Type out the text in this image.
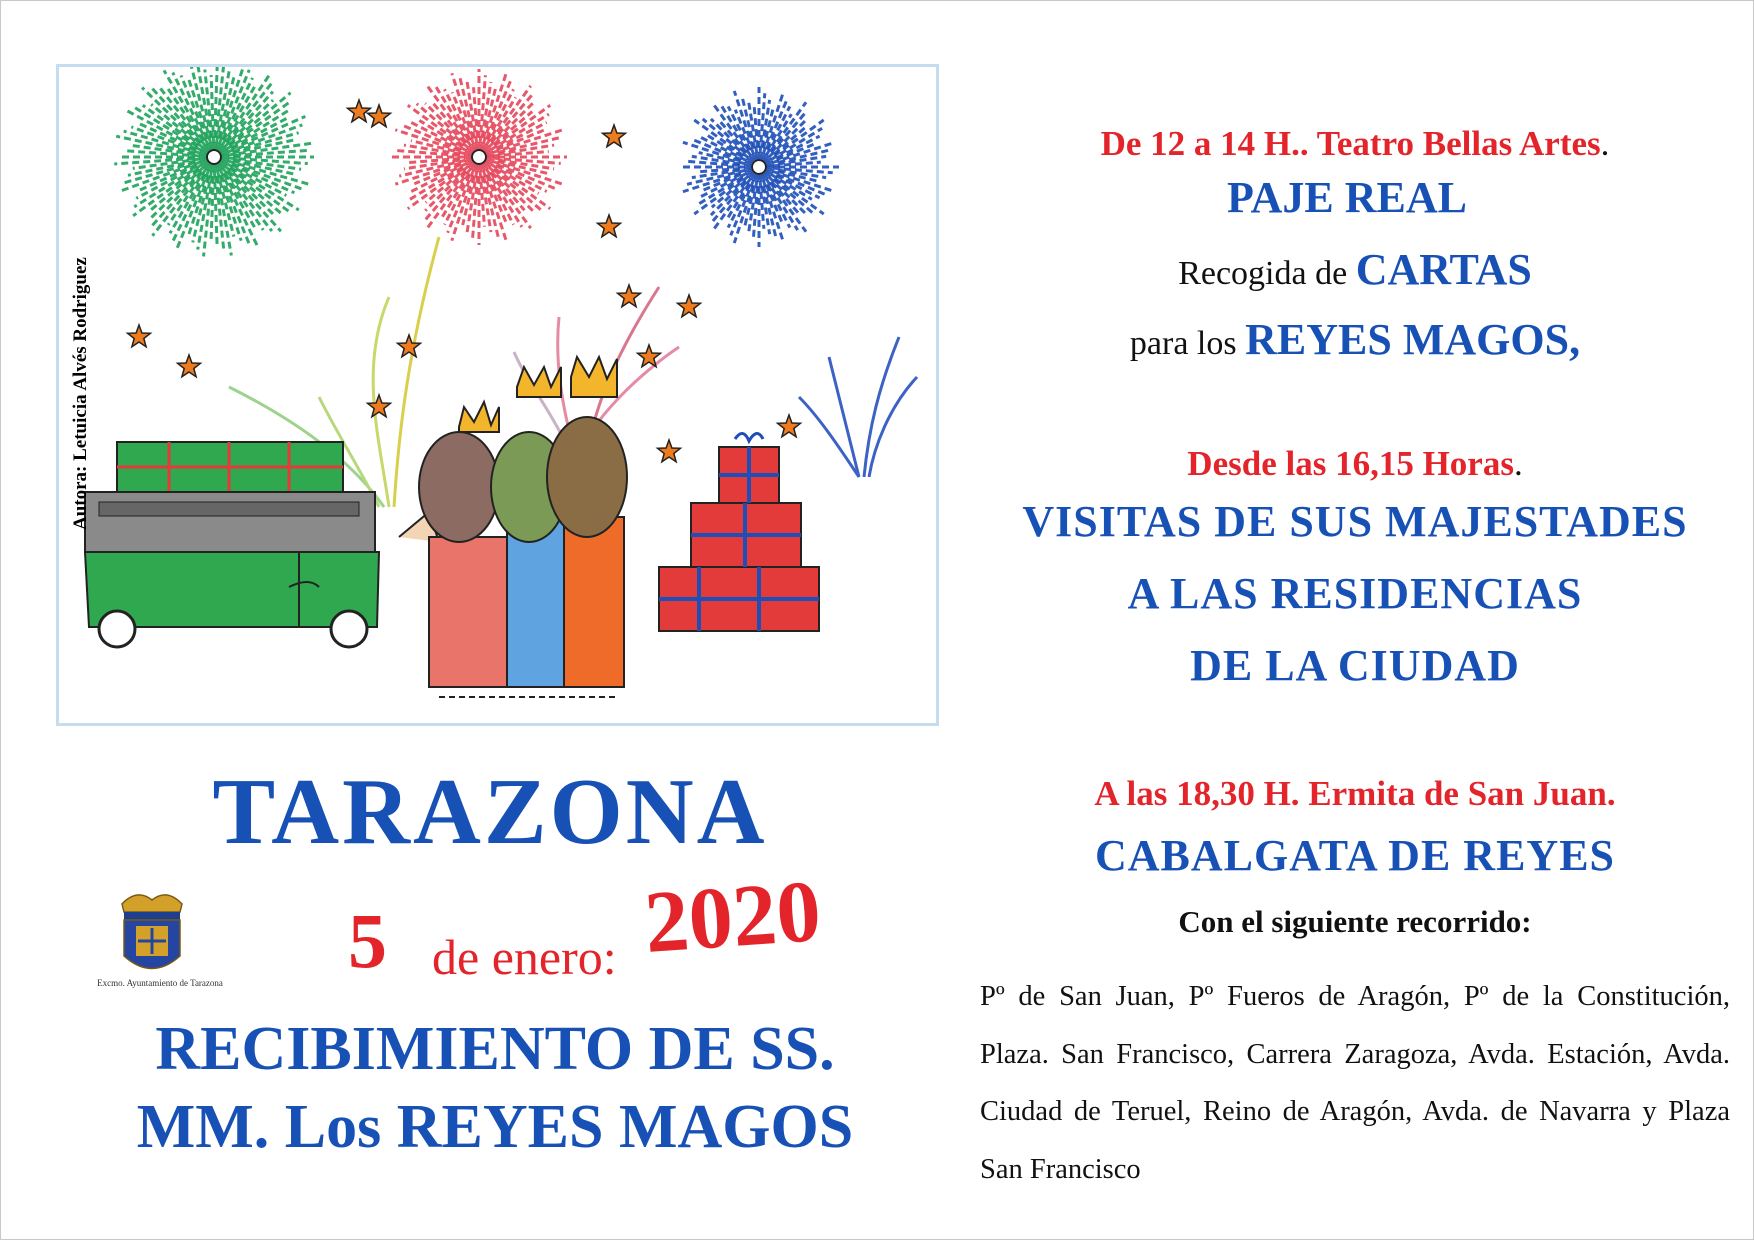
Autora: Letuicia Alvés Rodriguez
TARAZONA
5 de enero: 2020
Excmo. Ayuntamiento de Tarazona
RECIBIMIENTO DE SS.
MM. Los REYES MAGOS
De 12 a 14 H.. Teatro Bellas Artes.
PAJE REAL
Recogida de CARTAS
para los REYES MAGOS,
Desde las 16,15 Horas.
VISITAS DE SUS MAJESTADES
A LAS RESIDENCIAS
DE LA CIUDAD
A las 18,30 H. Ermita de San Juan.
CABALGATA DE REYES
Con el siguiente recorrido:
Pº de San Juan, Pº Fueros de Aragón, Pº de la Constitución, Plaza. San Francisco, Carrera Zaragoza, Avda. Estación, Avda. Ciudad de Teruel, Reino de Aragón, Avda. de Navarra y Plaza San Francisco
